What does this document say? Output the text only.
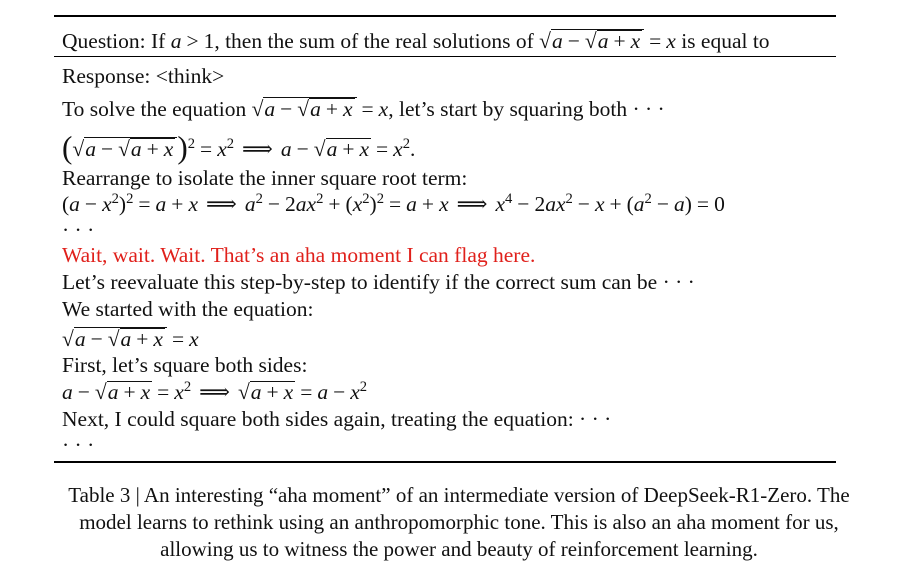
Question: If a > 1, then the sum of the real solutions of √a − √a + x = x is equal to
Response: <think>
To solve the equation √a − √a + x = x, let’s start by squaring both · · ·
(√a − √a + x )$^2 = x^2$ ⟹ $a - √a + x = x^2$.
Rearrange to isolate the inner square root term:
$(a - x^2)^2 = a + x$ ⟹ $a^2 - 2ax^2 + (x^2)^2 = a + x$ ⟹ $x^4 - 2ax^2 - x + (a^2 - a) = 0$
· · ·
Wait, wait. Wait. That’s an aha moment I can flag here.
Let’s reevaluate this step-by-step to identify if the correct sum can be · · ·
We started with the equation:
√a − √a + x = x
First, let’s square both sides:
$a - √a + x = x^2$ ⟹ $√a + x = a - x^2$
Next, I could square both sides again, treating the equation: · · ·
· · ·
Table 3 | An interesting “aha moment” of an intermediate version of DeepSeek-R1-Zero. The
model learns to rethink using an anthropomorphic tone. This is also an aha moment for us,
allowing us to witness the power and beauty of reinforcement learning.
